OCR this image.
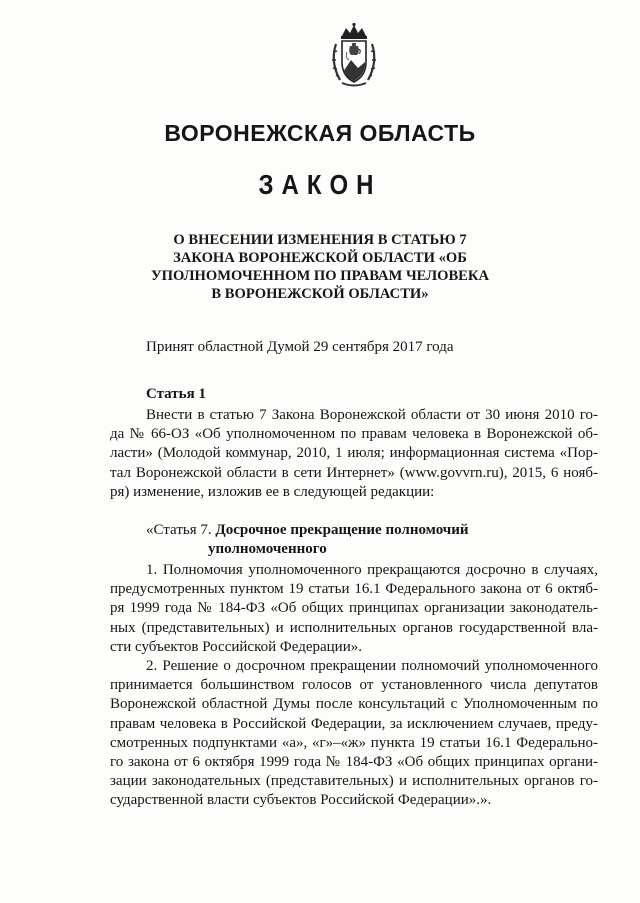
ВОРОНЕЖСКАЯ ОБЛАСТЬ
ЗАКОН
О ВНЕСЕНИИ ИЗМЕНЕНИЯ В СТАТЬЮ 7
ЗАКОНА ВОРОНЕЖСКОЙ ОБЛАСТИ «ОБ
УПОЛНОМОЧЕННОМ ПО ПРАВАМ ЧЕЛОВЕКА
В ВОРОНЕЖСКОЙ ОБЛАСТИ»
Принят областной Думой 29 сентября 2017 года
Статья 1
Внести в статью 7 Закона Воронежской области от 30 июня 2010 го-
да № 66-ОЗ «Об уполномоченном по правам человека в Воронежской об-
ласти» (Молодой коммунар, 2010, 1 июля; информационная система «Пор-
тал Воронежской области в сети Интернет» (www.govvrn.ru), 2015, 6 нояб-
ря) изменение, изложив ее в следующей редакции:
«Статья 7. Досрочное прекращение полномочий
уполномоченного
1. Полномочия уполномоченного прекращаются досрочно в случаях,
предусмотренных пунктом 19 статьи 16.1 Федерального закона от 6 октяб-
ря 1999 года № 184-ФЗ «Об общих принципах организации законодатель-
ных (представительных) и исполнительных органов государственной вла-
сти субъектов Российской Федерации».
2. Решение о досрочном прекращении полномочий уполномоченного
принимается большинством голосов от установленного числа депутатов
Воронежской областной Думы после консультаций с Уполномоченным по
правам человека в Российской Федерации, за исключением случаев, преду-
смотренных подпунктами «а», «г»–«ж» пункта 19 статьи 16.1 Федерально-
го закона от 6 октября 1999 года № 184-ФЗ «Об общих принципах органи-
зации законодательных (представительных) и исполнительных органов го-
сударственной власти субъектов Российской Федерации».».
